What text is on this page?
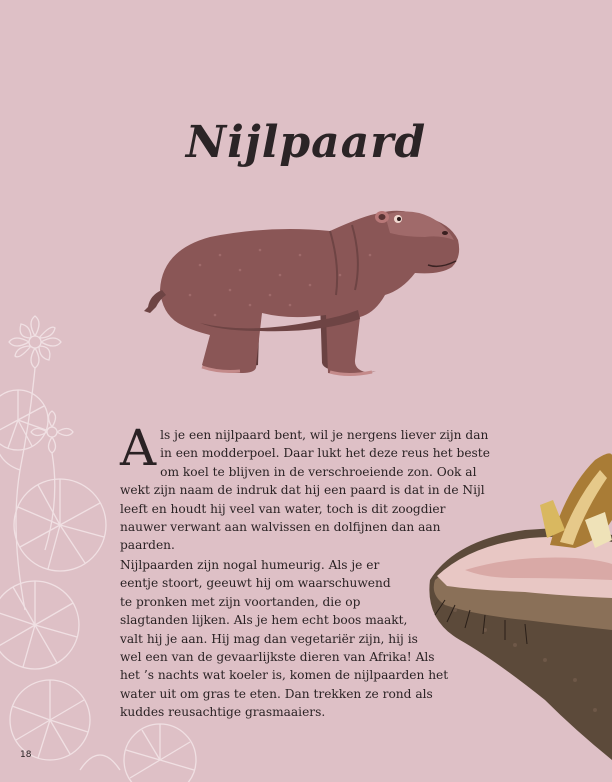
Nijlpaard

Als je een nijlpaard bent, wil je nergens liever zijn dan in een modderpoel. Daar lukt het deze reus het beste om koel te blijven in de verschroeiende zon. Ook al wekt zijn naam de indruk dat hij een paard is dat in de Nijl leeft en houdt hij veel van water, toch is dit zoogdier nauwer verwant aan walvissen en dolfijnen dan aan paarden.

Nijlpaarden zijn nogal humeurig. Als je er
eentje stoort, geeuwt hij om waarschuwend
te pronken met zijn voortanden, die op
slagtanden lijken. Als je hem echt boos maakt,
valt hij je aan. Hij mag dan vegetariër zijn, hij is
wel een van de gevaarlijkste dieren van Afrika! Als
het ’s nachts wat koeler is, komen de nijlpaarden het
water uit om gras te eten. Dan trekken ze rond als
kuddes reusachtige grasmaaiers.

18
